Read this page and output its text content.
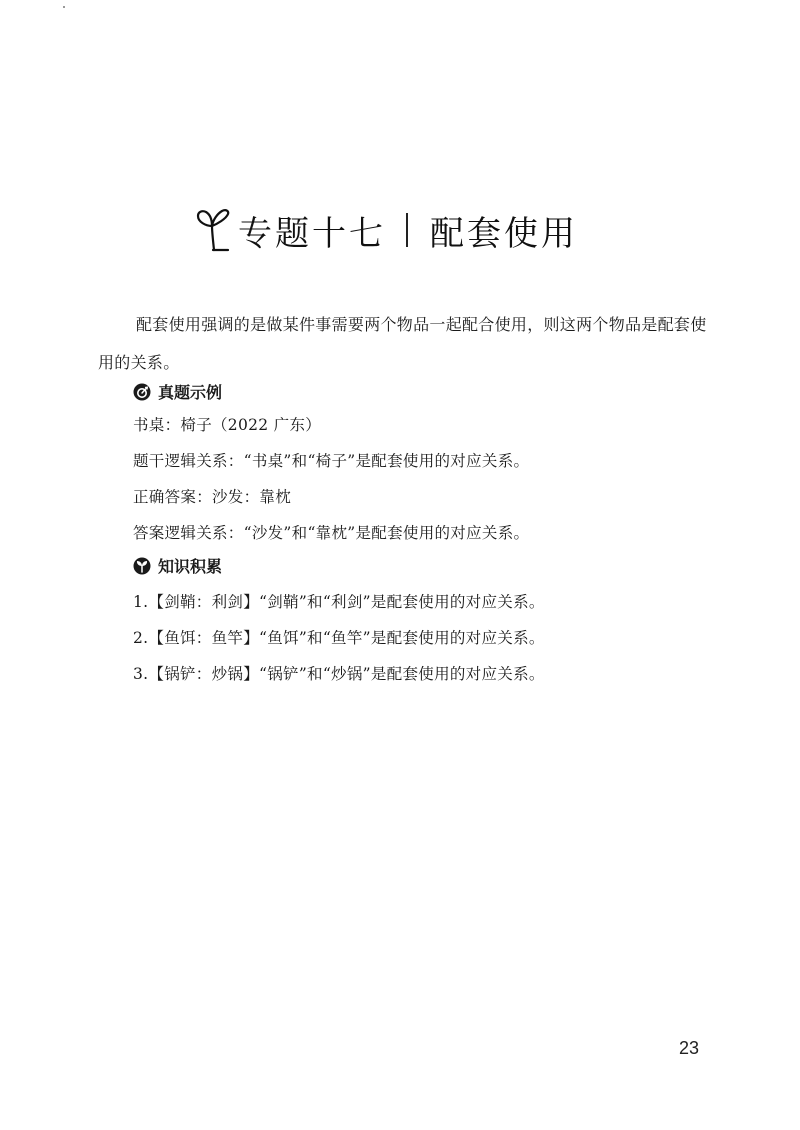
专题十七 配套使用
配套使用强调的是做某件事需要两个物品一起配合使用，则这两个物品是配套使用的关系。
真题示例
书桌：椅子（2022 广东）
题干逻辑关系：“书桌”和“椅子”是配套使用的对应关系。
正确答案：沙发：靠枕
答案逻辑关系：“沙发”和“靠枕”是配套使用的对应关系。
知识积累
1.【剑鞘：利剑】“剑鞘”和“利剑”是配套使用的对应关系。
2.【鱼饵：鱼竿】“鱼饵”和“鱼竿”是配套使用的对应关系。
3.【锅铲：炒锅】“锅铲”和“炒锅”是配套使用的对应关系。
23
